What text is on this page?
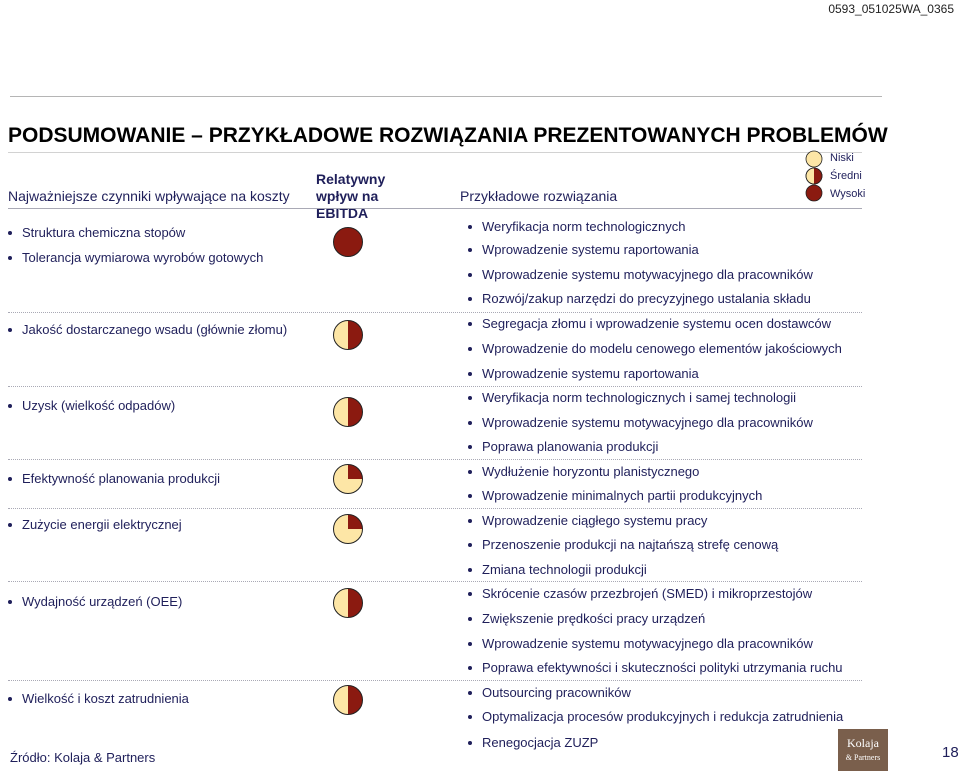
0593_051025WA_0365
PODSUMOWANIE – PRZYKŁADOWE ROZWIĄZANIA PREZENTOWANYCH PROBLEMÓW
Najważniejsze czynniki wpływające na koszty
Relatywny wpływ na EBITDA
Przykładowe rozwiązania
Niski
Średni
Wysoki
Struktura chemiczna stopów
Tolerancja wymiarowa wyrobów gotowych
Jakość dostarczanego wsadu (głównie złomu)
Uzysk (wielkość odpadów)
Efektywność planowania produkcji
Zużycie energii elektrycznej
Wydajność urządzeń (OEE)
Wielkość i koszt zatrudnienia
Weryfikacja norm technologicznych
Wprowadzenie systemu raportowania
Wprowadzenie systemu motywacyjnego dla pracowników
Rozwój/zakup narzędzi do precyzyjnego ustalania składu
Segregacja złomu i wprowadzenie systemu ocen dostawców
Wprowadzenie do modelu cenowego elementów jakościowych
Wprowadzenie systemu raportowania
Weryfikacja norm technologicznych i samej technologii
Wprowadzenie systemu motywacyjnego dla pracowników
Poprawa planowania produkcji
Wydłużenie horyzontu planistycznego
Wprowadzenie minimalnych partii produkcyjnych
Wprowadzenie ciągłego systemu pracy
Przenoszenie produkcji na najtańszą strefę cenową
Zmiana technologii produkcji
Skrócenie czasów przezbrojeń (SMED) i mikroprzestojów
Zwiększenie prędkości pracy urządzeń
Wprowadzenie systemu motywacyjnego dla pracowników
Poprawa efektywności i skuteczności polityki utrzymania ruchu
Outsourcing pracowników
Optymalizacja procesów produkcyjnych i redukcja zatrudnienia
Renegocjacja ZUZP
Źródło: Kolaja & Partners
Kolaja
& Partners	18
